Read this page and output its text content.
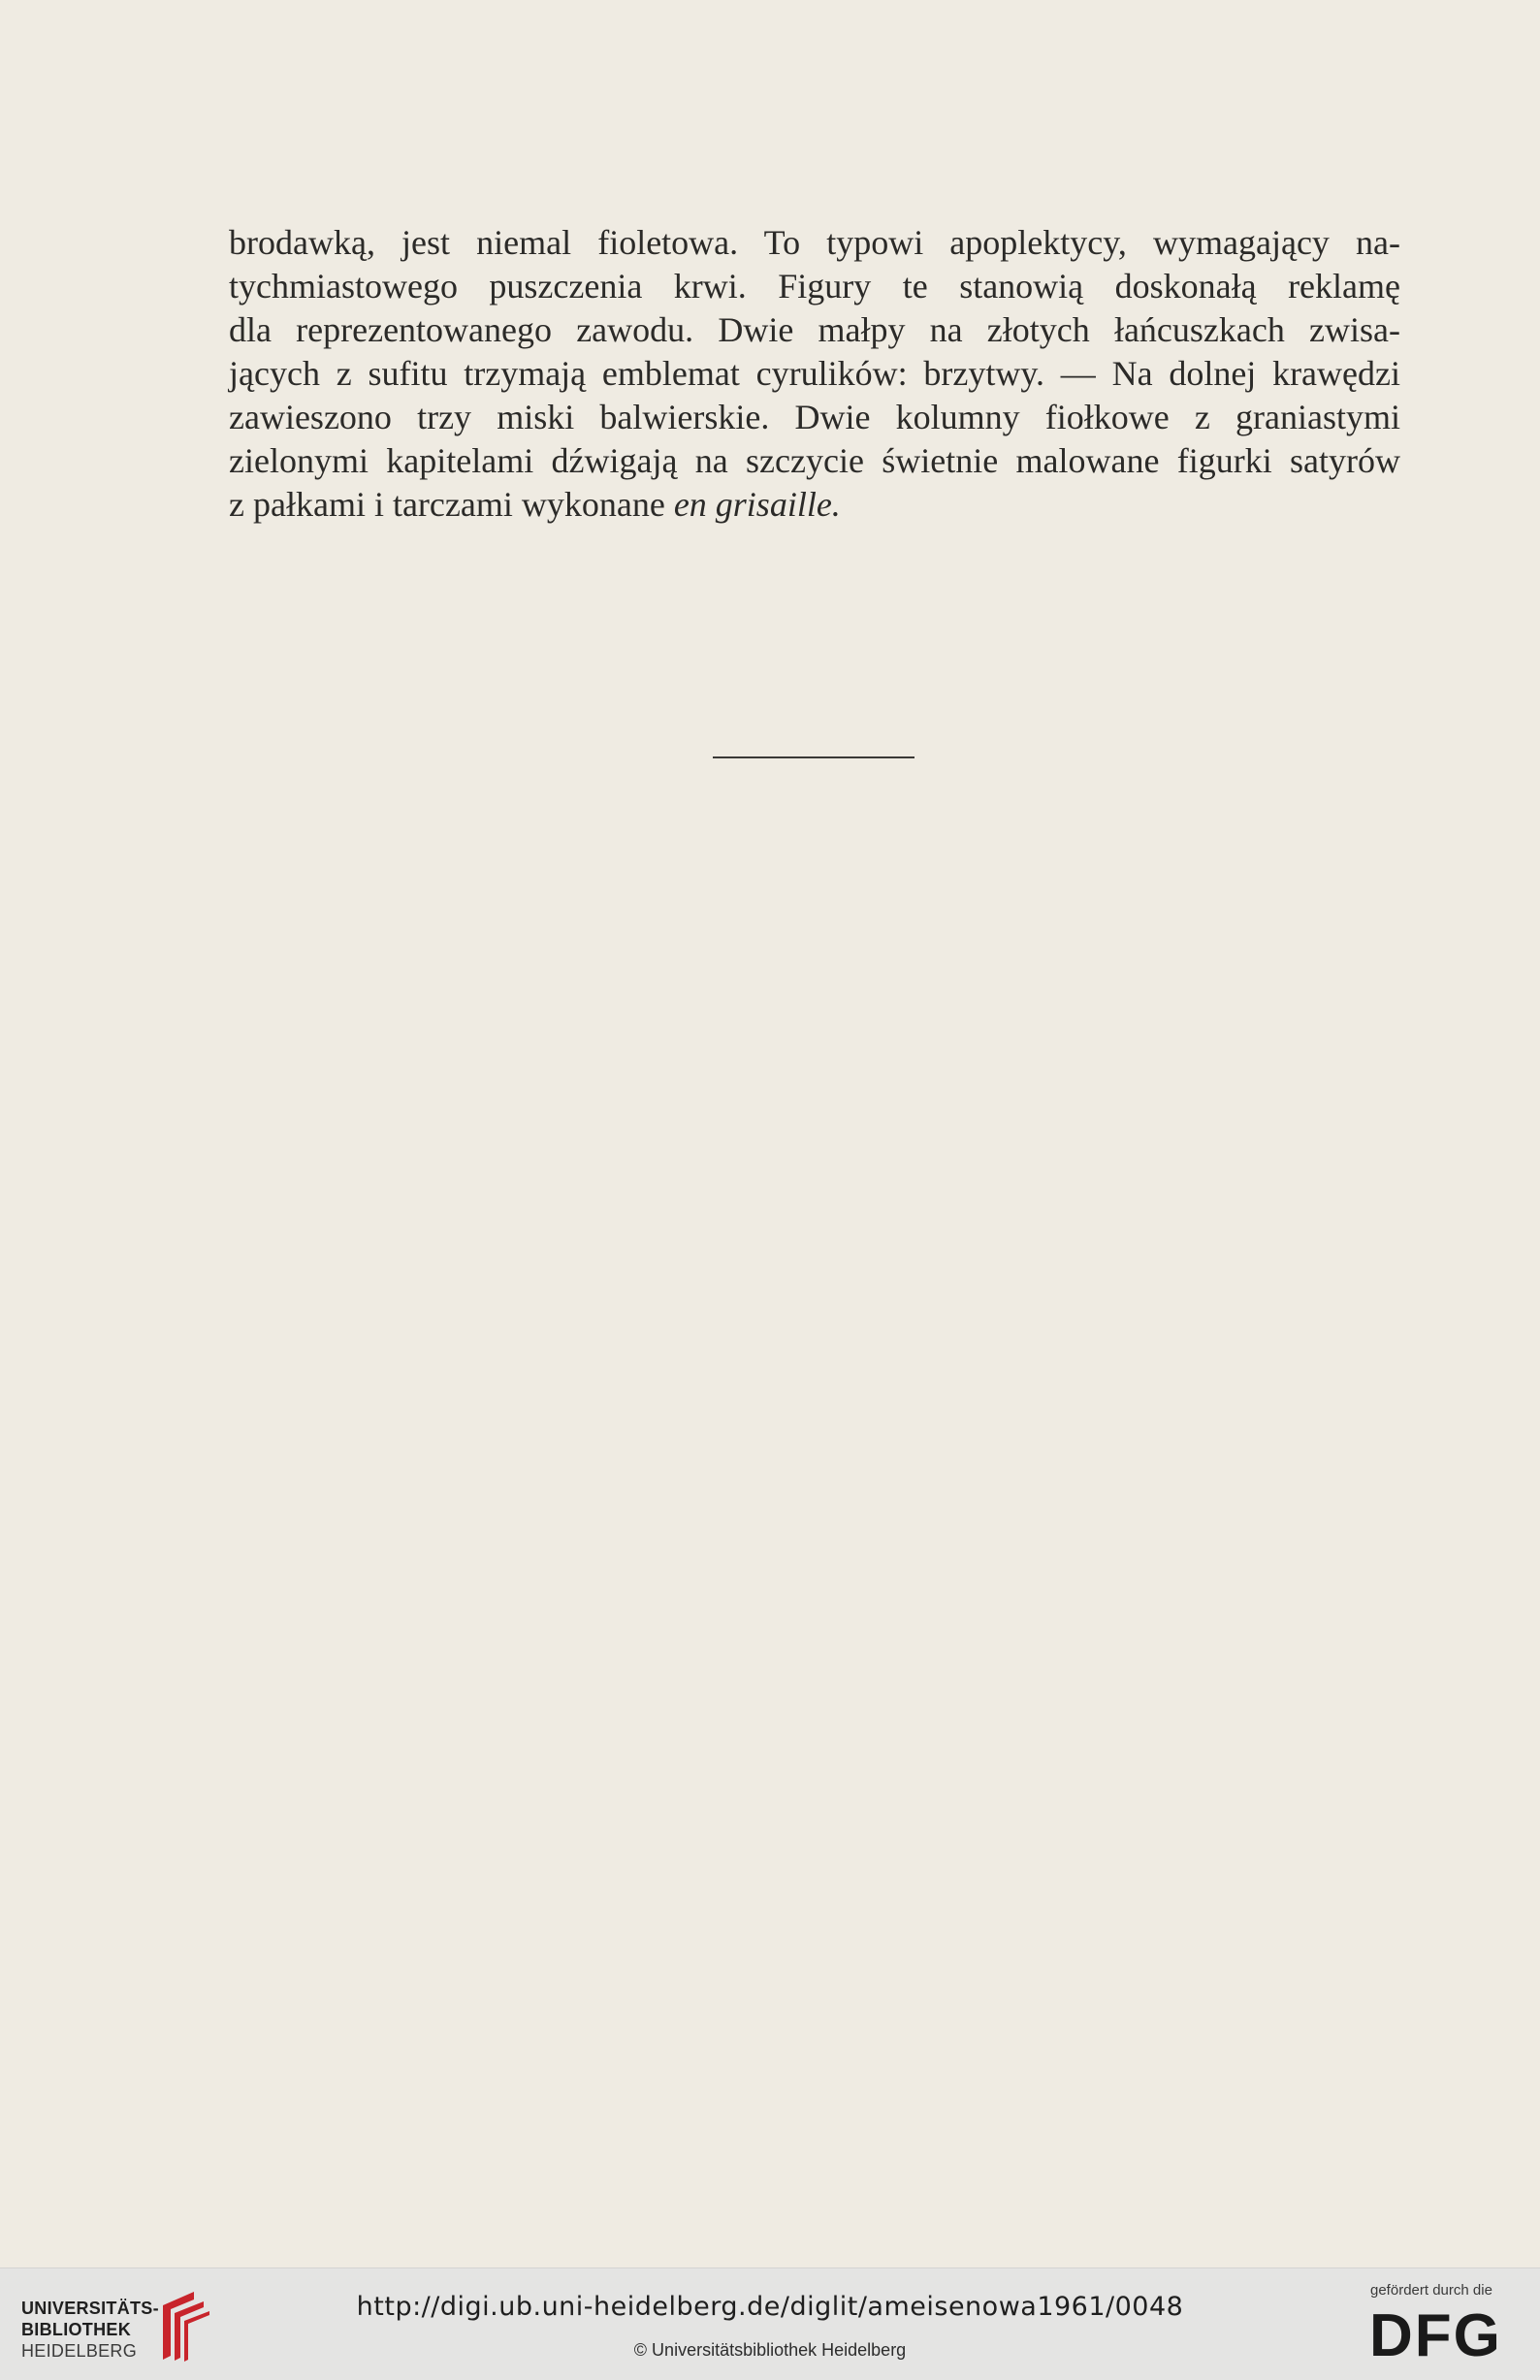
brodawką, jest niemal fioletowa. To typowi apoplektycy, wymagający na-
tychmiastowego puszczenia krwi. Figury te stanowią doskonałą reklamę
dla reprezentowanego zawodu. Dwie małpy na złotych łańcuszkach zwisa-
jących z sufitu trzymają emblemat cyrulików: brzytwy. — Na dolnej krawędzi
zawieszono trzy miski balwierskie. Dwie kolumny fiołkowe z graniastymi
zielonymi kapitelami dźwigają na szczycie świetnie malowane figurki satyrów
z pałkami i tarczami wykonane en grisaille.
UNIVERSITÄTS-
BIBLIOTHEK
HEIDELBERG
http://digi.ub.uni-heidelberg.de/diglit/ameisenowa1961/0048
© Universitätsbibliothek Heidelberg
gefördert durch die
DFG
